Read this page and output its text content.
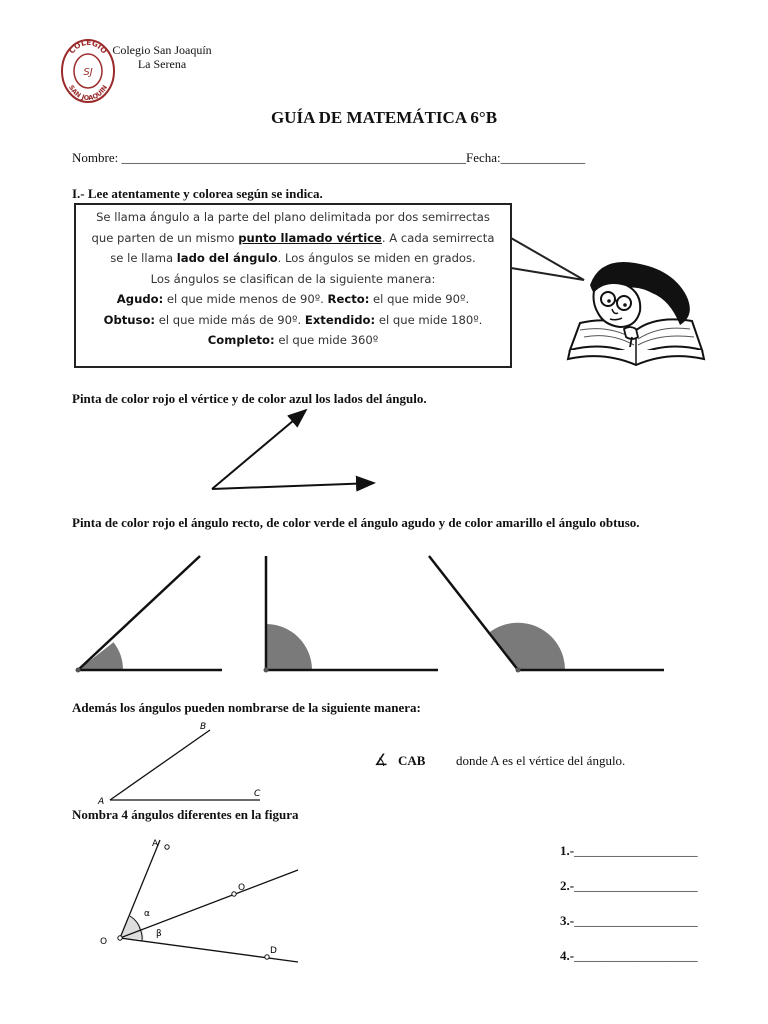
COLEGIO
SAN JOAQUIN
SJ
Colegio San Joaquín
La Serena
GUÍA DE MATEMÁTICA 6°B
Nombre: _____________________________________________________Fecha:_____________
I.- Lee atentamente y colorea según se indica.
Se llama ángulo a la parte del plano delimitada por dos semirrectas que parten de un mismo punto llamado vértice. A cada semirrecta se le llama lado del ángulo. Los ángulos se miden en grados.
Los ángulos se clasifican de la siguiente manera:
Agudo: el que mide menos de 90º. Recto: el que mide 90º.
Obtuso: el que mide más de 90º. Extendido: el que mide 180º.
Completo: el que mide 360º
Pinta de color rojo el vértice y de color azul los lados del ángulo.
Pinta de color rojo el ángulo recto, de color verde el ángulo agudo y de color amarillo el ángulo obtuso.
Además los ángulos pueden nombrarse de la siguiente manera:
A
B
C
∡ CAB donde A es el vértice del ángulo.
Nombra 4 ángulos diferentes en la figura
A
O
O
D
α
β
1.-___________________
2.-___________________
3.-___________________
4.-___________________
